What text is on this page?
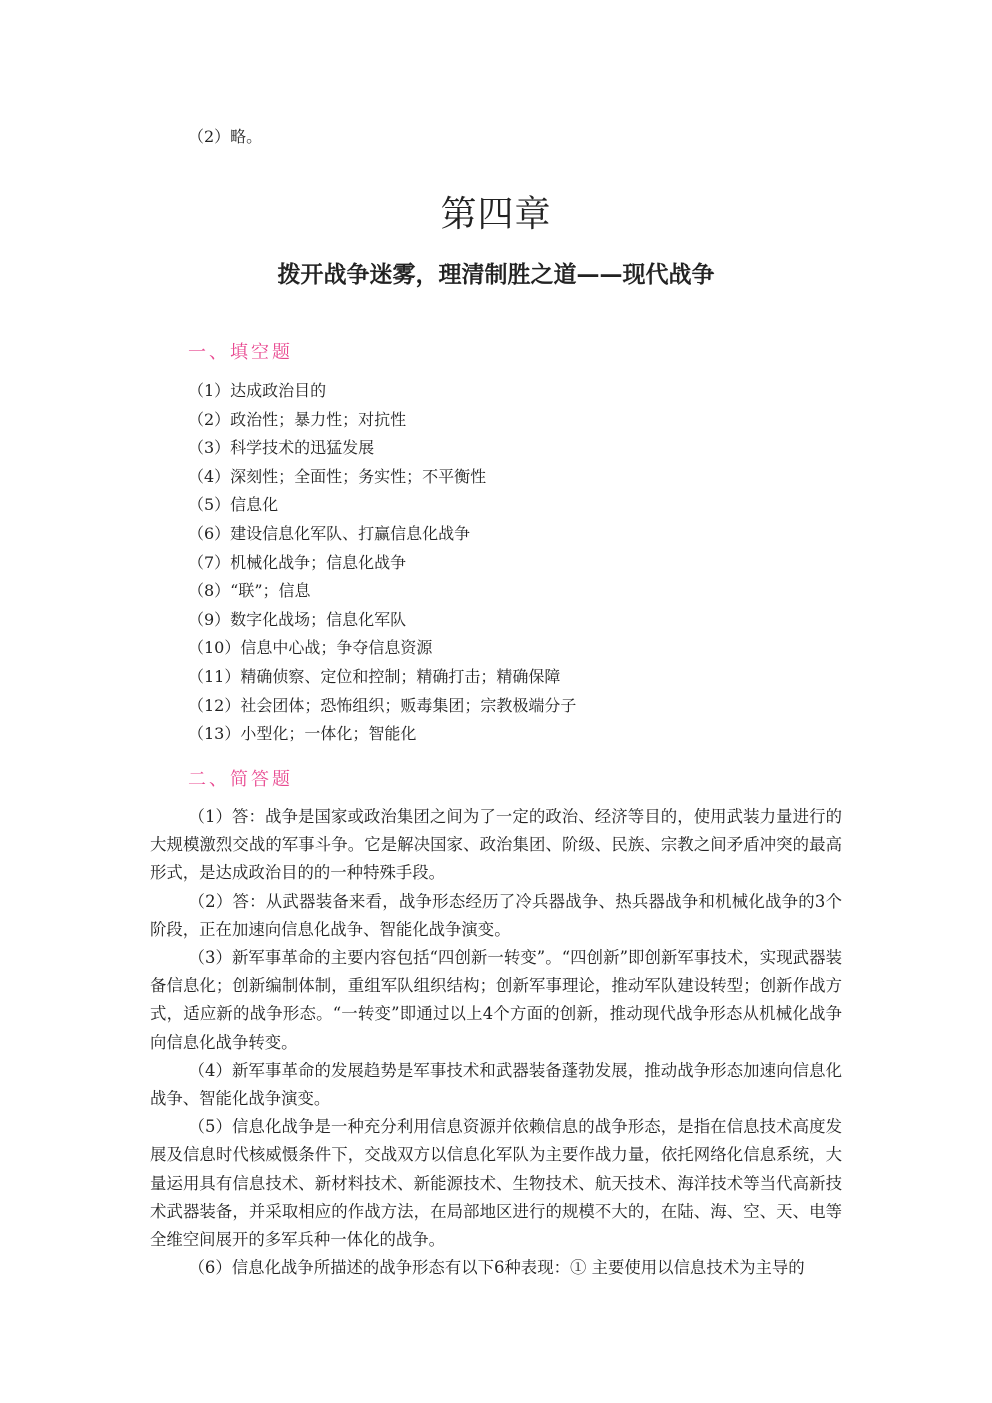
（2）略。
第四章
拨开战争迷雾，理清制胜之道——现代战争
一、填空题
（1）达成政治目的
（2）政治性；暴力性；对抗性
（3）科学技术的迅猛发展
（4）深刻性；全面性；务实性；不平衡性
（5）信息化
（6）建设信息化军队、打赢信息化战争
（7）机械化战争；信息化战争
（8）“联”；信息
（9）数字化战场；信息化军队
（10）信息中心战；争夺信息资源
（11）精确侦察、定位和控制；精确打击；精确保障
（12）社会团体；恐怖组织；贩毒集团；宗教极端分子
（13）小型化；一体化；智能化
二、简答题

（1）答：战争是国家或政治集团之间为了一定的政治、经济等目的，使用武装力量进行的大规模激烈交战的军事斗争。它是解决国家、政治集团、阶级、民族、宗教之间矛盾冲突的最高形式，是达成政治目的的一种特殊手段。

（2）答：从武器装备来看，战争形态经历了冷兵器战争、热兵器战争和机械化战争的3个阶段，正在加速向信息化战争、智能化战争演变。

（3）新军事革命的主要内容包括“四创新一转变”。“四创新”即创新军事技术，实现武器装备信息化；创新编制体制，重组军队组织结构；创新军事理论，推动军队建设转型；创新作战方式，适应新的战争形态。“一转变”即通过以上4个方面的创新，推动现代战争形态从机械化战争向信息化战争转变。

（4）新军事革命的发展趋势是军事技术和武器装备蓬勃发展，推动战争形态加速向信息化战争、智能化战争演变。

（5）信息化战争是一种充分利用信息资源并依赖信息的战争形态，是指在信息技术高度发展及信息时代核威慑条件下，交战双方以信息化军队为主要作战力量，依托网络化信息系统，大量运用具有信息技术、新材料技术、新能源技术、生物技术、航天技术、海洋技术等当代高新技术武器装备，并采取相应的作战方法，在局部地区进行的规模不大的，在陆、海、空、天、电等全维空间展开的多军兵种一体化的战争。

（6）信息化战争所描述的战争形态有以下6种表现：① 主要使用以信息技术为主导的
